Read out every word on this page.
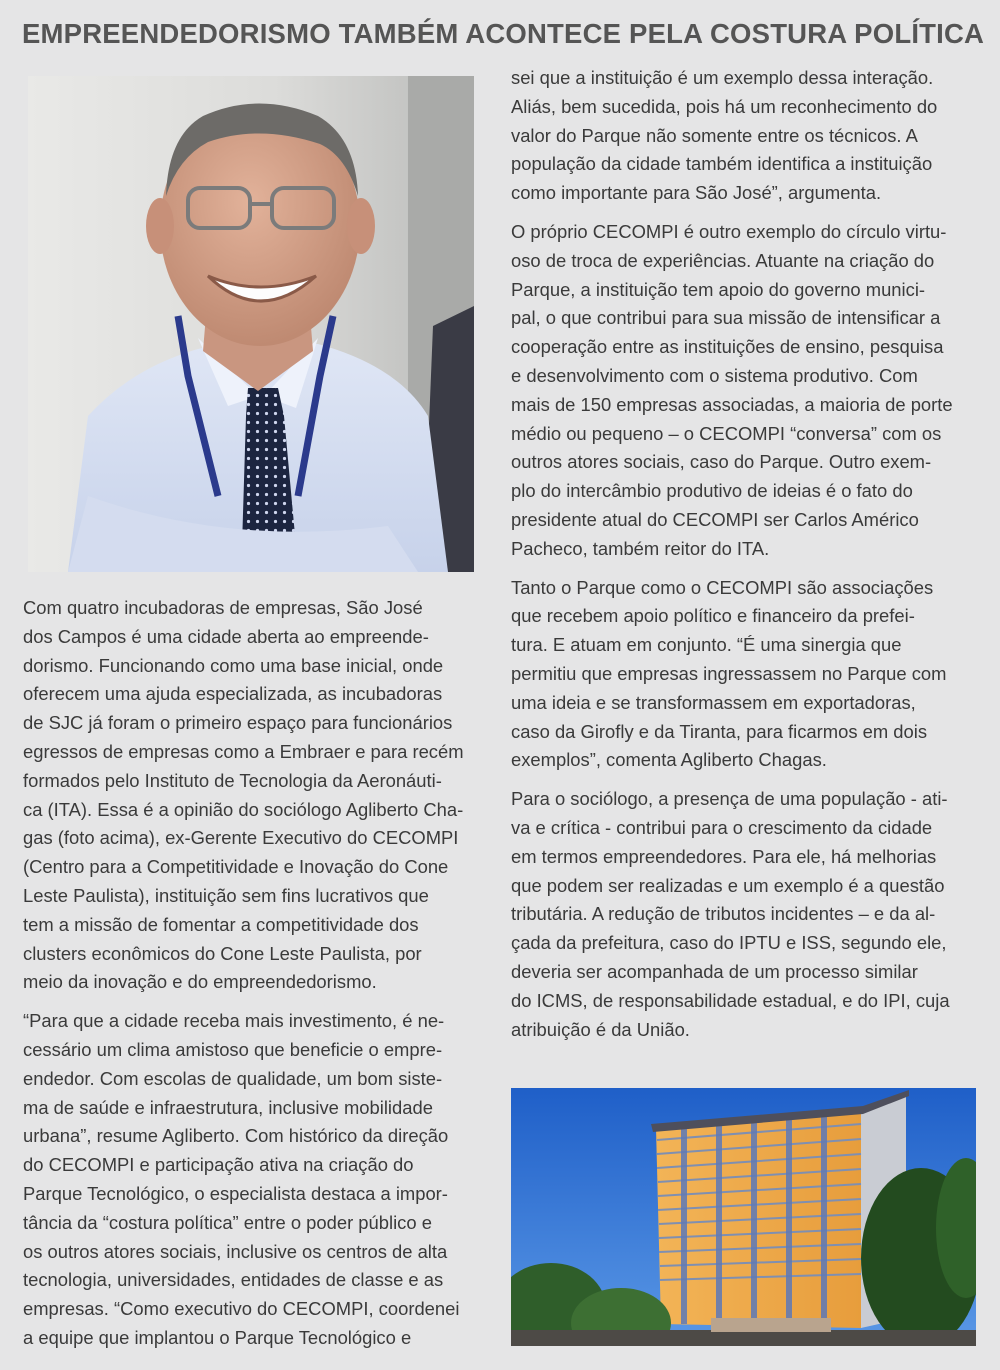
EMPREENDEDORISMO TAMBÉM ACONTECE PELA COSTURA POLÍTICA

Com quatro incubadoras de empresas, São José
dos Campos é uma cidade aberta ao empreende-
dorismo. Funcionando como uma base inicial, onde
oferecem uma ajuda especializada, as incubadoras
de SJC já foram o primeiro espaço para funcionários
egressos de empresas como a Embraer e para recém
formados pelo Instituto de Tecnologia da Aeronáuti-
ca (ITA). Essa é a opinião do sociólogo Agliberto Cha-
gas (foto acima), ex-Gerente Executivo do CECOMPI
(Centro para a Competitividade e Inovação do Cone
Leste Paulista), instituição sem fins lucrativos que
tem a missão de fomentar a competitividade dos
clusters econômicos do Cone Leste Paulista, por
meio da inovação e do empreendedorismo.

“Para que a cidade receba mais investimento, é ne-
cessário um clima amistoso que beneficie o empre-
endedor. Com escolas de qualidade, um bom siste-
ma de saúde e infraestrutura, inclusive mobilidade
urbana”, resume Agliberto. Com histórico da direção
do CECOMPI e participação ativa na criação do
Parque Tecnológico, o especialista destaca a impor-
tância da “costura política” entre o poder público e
os outros atores sociais, inclusive os centros de alta
tecnologia, universidades, entidades de classe e as
empresas. “Como executivo do CECOMPI, coordenei
a equipe que implantou o Parque Tecnológico e

sei que a instituição é um exemplo dessa interação.
Aliás, bem sucedida, pois há um reconhecimento do
valor do Parque não somente entre os técnicos. A
população da cidade também identifica a instituição
como importante para São José”, argumenta.

O próprio CECOMPI é outro exemplo do círculo virtu-
oso de troca de experiências. Atuante na criação do
Parque, a instituição tem apoio do governo munici-
pal, o que contribui para sua missão de intensificar a
cooperação entre as instituições de ensino, pesquisa
e desenvolvimento com o sistema produtivo. Com
mais de 150 empresas associadas, a maioria de porte
médio ou pequeno – o CECOMPI “conversa” com os
outros atores sociais, caso do Parque. Outro exem-
plo do intercâmbio produtivo de ideias é o fato do
presidente atual do CECOMPI ser Carlos Américo
Pacheco, também reitor do ITA.

Tanto o Parque como o CECOMPI são associações
que recebem apoio político e financeiro da prefei-
tura. E atuam em conjunto. “É uma sinergia que
permitiu que empresas ingressassem no Parque com
uma ideia e se transformassem em exportadoras,
caso da Girofly e da Tiranta, para ficarmos em dois
exemplos”, comenta Agliberto Chagas.

Para o sociólogo, a presença de uma população - ati-
va e crítica - contribui para o crescimento da cidade
em termos empreendedores. Para ele, há melhorias
que podem ser realizadas e um exemplo é a questão
tributária. A redução de tributos incidentes – e da al-
çada da prefeitura, caso do IPTU e ISS, segundo ele,
deveria ser acompanhada de um processo similar
do ICMS, de responsabilidade estadual, e do IPI, cuja
atribuição é da União.
